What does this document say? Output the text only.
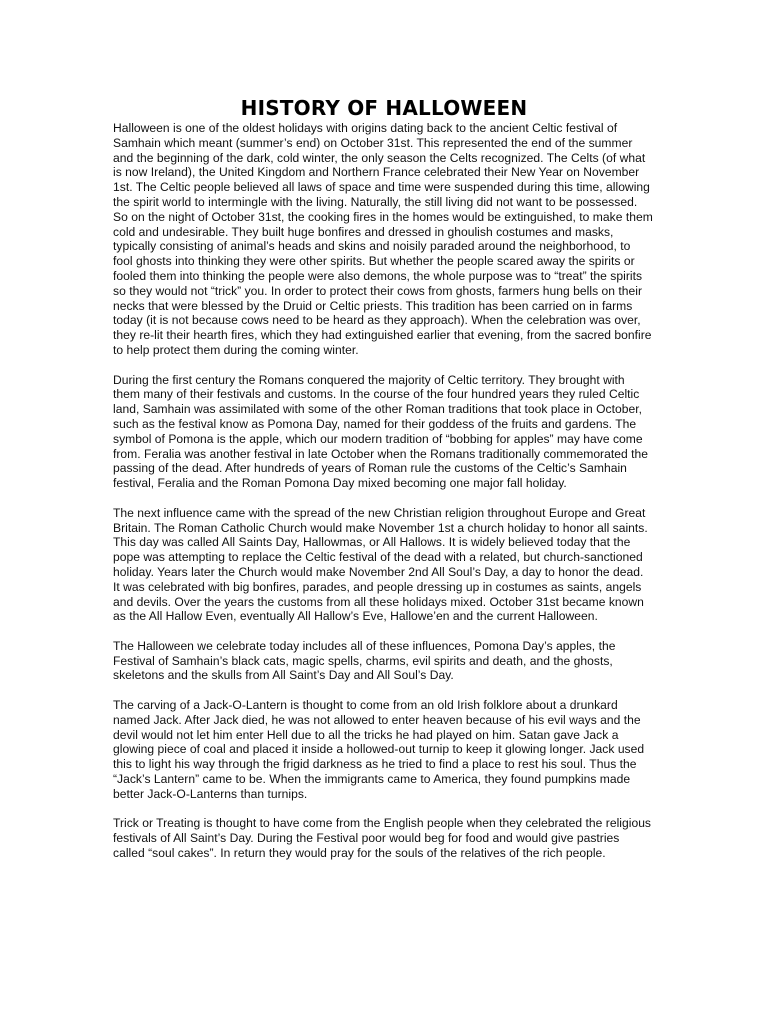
HISTORY OF HALLOWEEN

Halloween is one of the oldest holidays with origins dating back to the ancient Celtic festival of Samhain which meant (summer’s end) on October 31st. This represented the end of the summer and the beginning of the dark, cold winter, the only season the Celts recognized. The Celts (of what is now Ireland), the United Kingdom and Northern France celebrated their New Year on November 1st. The Celtic people believed all laws of space and time were suspended during this time, allowing the spirit world to intermingle with the living. Naturally, the still living did not want to be possessed. So on the night of October 31st, the cooking fires in the homes would be extinguished, to make them cold and undesirable. They built huge bonfires and dressed in ghoulish costumes and masks, typically consisting of animal’s heads and skins and noisily paraded around the neighborhood, to fool ghosts into thinking they were other spirits. But whether the people scared away the spirits or fooled them into thinking the people were also demons, the whole purpose was to “treat” the spirits so they would not “trick” you. In order to protect their cows from ghosts, farmers hung bells on their necks that were blessed by the Druid or Celtic priests. This tradition has been carried on in farms today (it is not because cows need to be heard as they approach). When the celebration was over, they re-lit their hearth fires, which they had extinguished earlier that evening, from the sacred bonfire to help protect them during the coming winter.

During the first century the Romans conquered the majority of Celtic territory. They brought with them many of their festivals and customs. In the course of the four hundred years they ruled Celtic land, Samhain was assimilated with some of the other Roman traditions that took place in October, such as the festival know as Pomona Day, named for their goddess of the fruits and gardens. The symbol of Pomona is the apple, which our modern tradition of “bobbing for apples” may have come from. Feralia was another festival in late October when the Romans traditionally commemorated the passing of the dead. After hundreds of years of Roman rule the customs of the Celtic’s Samhain festival, Feralia and the Roman Pomona Day mixed becoming one major fall holiday.

The next influence came with the spread of the new Christian religion throughout Europe and Great Britain. The Roman Catholic Church would make November 1st a church holiday to honor all saints. This day was called All Saints Day, Hallowmas, or All Hallows. It is widely believed today that the pope was attempting to replace the Celtic festival of the dead with a related, but church-sanctioned holiday. Years later the Church would make November 2nd All Soul’s Day, a day to honor the dead. It was celebrated with big bonfires, parades, and people dressing up in costumes as saints, angels and devils. Over the years the customs from all these holidays mixed. October 31st became known as the All Hallow Even, eventually All Hallow’s Eve, Hallowe’en and the current Halloween.

The Halloween we celebrate today includes all of these influences, Pomona Day’s apples, the Festival of Samhain’s black cats, magic spells, charms, evil spirits and death, and the ghosts, skeletons and the skulls from All Saint’s Day and All Soul’s Day.

The carving of a Jack-O-Lantern is thought to come from an old Irish folklore about a drunkard named Jack. After Jack died, he was not allowed to enter heaven because of his evil ways and the devil would not let him enter Hell due to all the tricks he had played on him. Satan gave Jack a glowing piece of coal and placed it inside a hollowed-out turnip to keep it glowing longer. Jack used this to light his way through the frigid darkness as he tried to find a place to rest his soul. Thus the “Jack’s Lantern” came to be. When the immigrants came to America, they found pumpkins made better Jack-O-Lanterns than turnips.

Trick or Treating is thought to have come from the English people when they celebrated the religious festivals of All Saint’s Day. During the Festival poor would beg for food and would give pastries called “soul cakes”. In return they would pray for the souls of the relatives of the rich people.
